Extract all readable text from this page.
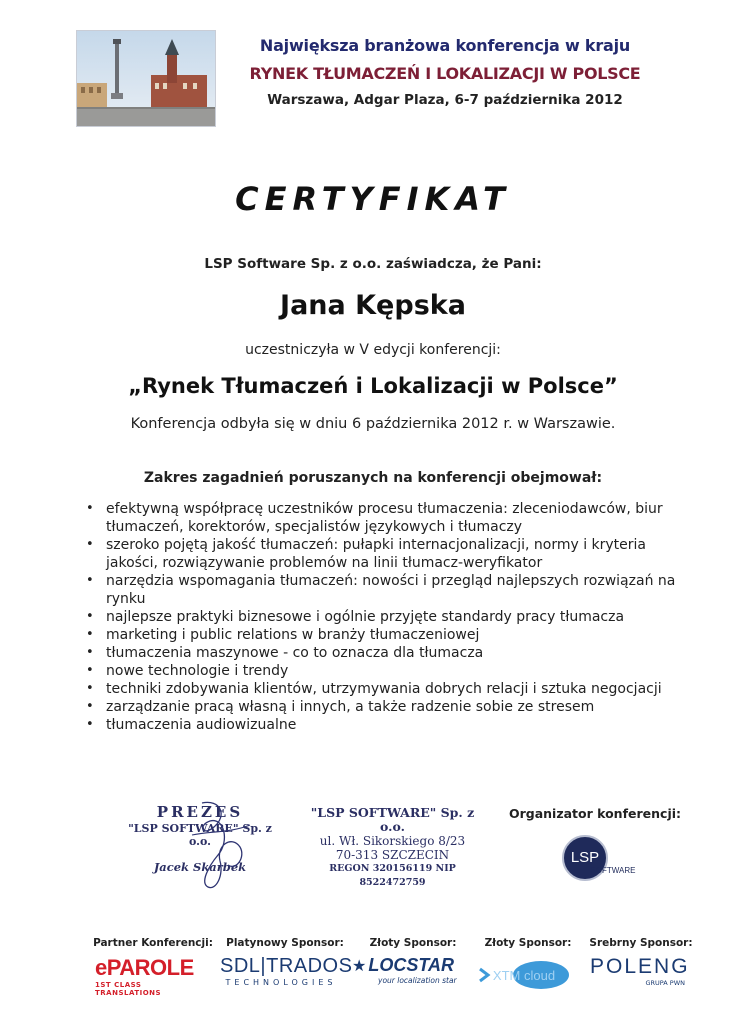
Największa branżowa konferencja w kraju
RYNEK TŁUMACZEŃ I LOKALIZACJI W POLSCE
Warszawa, Adgar Plaza, 6-7 października 2012
CERTYFIKAT
LSP Software Sp. z o.o. zaświadcza, że Pani:
Jana Kępska
uczestniczyła w V edycji konferencji:
„Rynek Tłumaczeń i Lokalizacji w Polsce”
Konferencja odbyła się w dniu 6 października 2012 r. w Warszawie.
Zakres zagadnień poruszanych na konferencji obejmował:
• efektywną współpracę uczestników procesu tłumaczenia: zleceniodawców, biur tłumaczeń, korektorów, specjalistów językowych i tłumaczy
• szeroko pojętą jakość tłumaczeń: pułapki internacjonalizacji, normy i kryteria jakości, rozwiązywanie problemów na linii tłumacz-weryfikator
• narzędzia wspomagania tłumaczeń: nowości i przegląd najlepszych rozwiązań na rynku
• najlepsze praktyki biznesowe i ogólnie przyjęte standardy pracy tłumacza
• marketing i public relations w branży tłumaczeniowej
• tłumaczenia maszynowe - co to oznacza dla tłumacza
• nowe technologie i trendy
• techniki zdobywania klientów, utrzymywania dobrych relacji i sztuka negocjacji
• zarządzanie pracą własną i innych, a także radzenie sobie ze stresem
• tłumaczenia audiowizualne
PREZES
"LSP SOFTWARE" Sp. z o.o.
Jacek Skarbek
"LSP SOFTWARE" Sp. z o.o.
ul. Wł. Sikorskiego 8/23
70-313 SZCZECIN
REGON 320156119 NIP 8522472759
Organizator konferencji:
LSP
SOFTWARE
Partner Konferencji:	Platynowy Sponsor:	Złoty Sponsor:	Złoty Sponsor:	Srebrny Sponsor:
ePAROLE
1ST CLASS TRANSLATIONS
SDL|TRADOS
TECHNOLOGIES
★ LOCSTAR
your localization star	XTM cloud POLENG
GRUPA PWN
